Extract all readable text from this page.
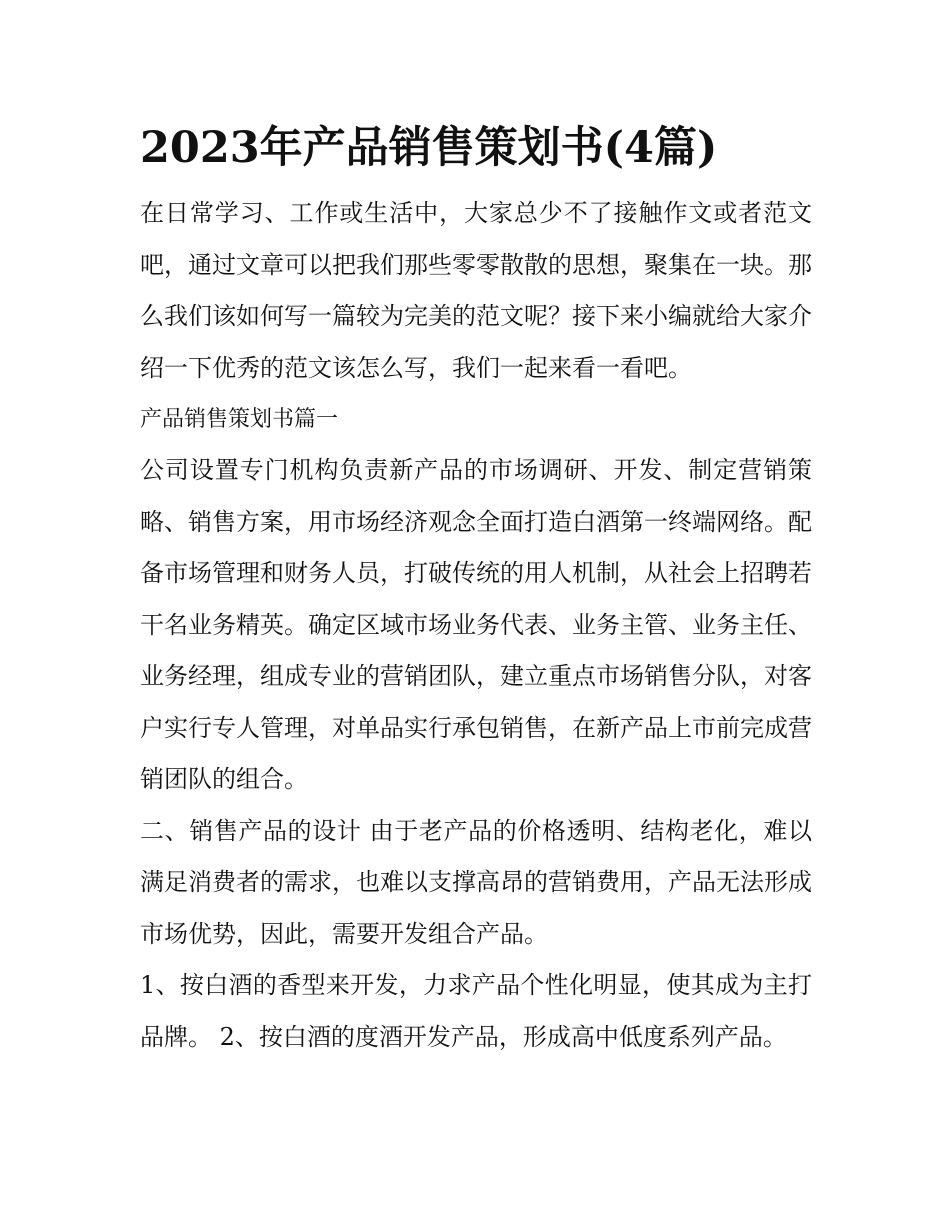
2023年产品销售策划书(4篇)

在日常学习、工作或生活中，大家总少不了接触作文或者范文吧，通过文章可以把我们那些零零散散的思想，聚集在一块。那么我们该如何写一篇较为完美的范文呢？接下来小编就给大家介绍一下优秀的范文该怎么写，我们一起来看一看吧。

产品销售策划书篇一

公司设置专门机构负责新产品的市场调研、开发、制定营销策略、销售方案，用市场经济观念全面打造白酒第一终端网络。配备市场管理和财务人员，打破传统的用人机制，从社会上招聘若干名业务精英。确定区域市场业务代表、业务主管、业务主任、业务经理，组成专业的营销团队，建立重点市场销售分队，对客户实行专人管理，对单品实行承包销售，在新产品上市前完成营销团队的组合。

二、销售产品的设计 由于老产品的价格透明、结构老化，难以满足消费者的需求，也难以支撑高昂的营销费用，产品无法形成市场优势，因此，需要开发组合产品。

1、按白酒的香型来开发，力求产品个性化明显，使其成为主打品牌。 2、按白酒的度酒开发产品，形成高中低度系列产品。
